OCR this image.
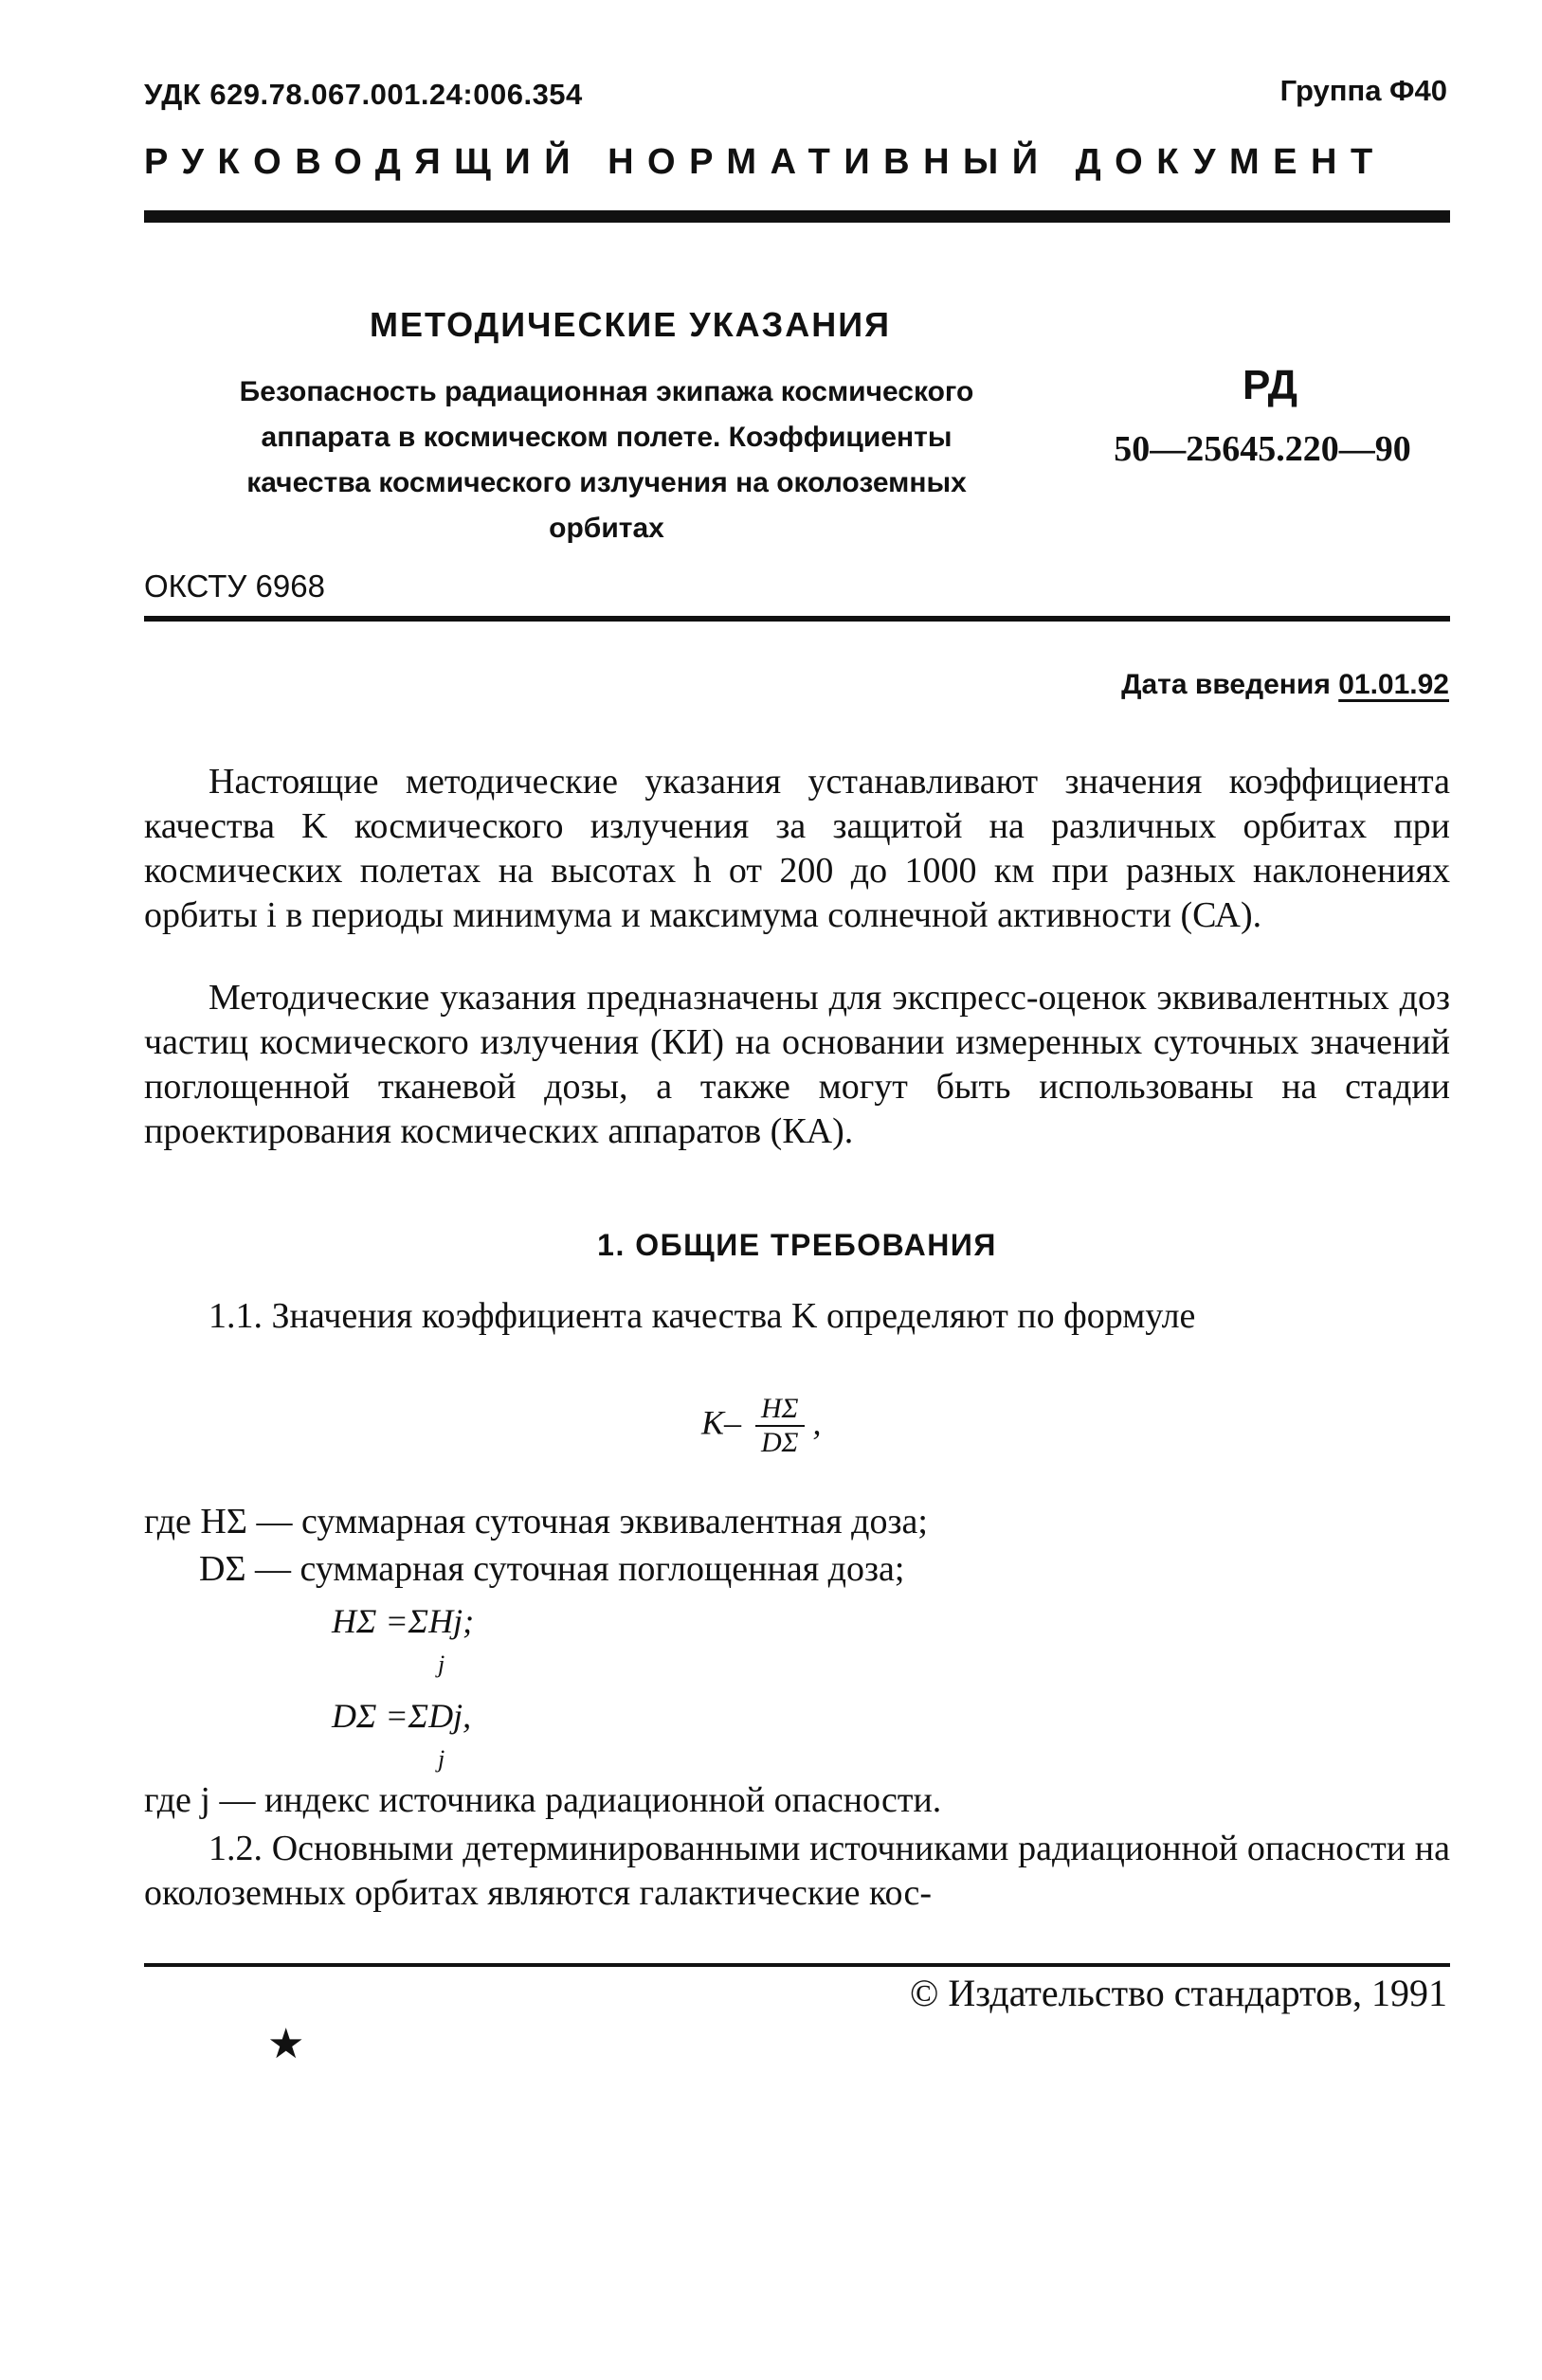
УДК 629.78.067.001.24:006.354	Группа Ф40
РУКОВОДЯЩИЙ НОРМАТИВНЫЙ ДОКУМЕНТ
МЕТОДИЧЕСКИЕ УКАЗАНИЯ
Безопасность радиационная экипажа космического
аппарата в космическом полете. Коэффициенты
качества космического излучения на околоземных
орбитах
РД
50—25645.220—90
ОКСТУ 6968
Дата введения 01.01.92
Настоящие методические указания устанавливают значения коэффициента качества K космического излучения за защитой на различных орбитах при космических полетах на высотах h от 200 до 1000 км при разных наклонениях орбиты i в периоды минимума и максимума солнечной активности (СА).
Методические указания предназначены для экспресс-оценок эквивалентных доз частиц космического излучения (КИ) на основании измеренных суточных значений поглощенной тканевой дозы, а также могут быть использованы на стадии проектирования космических аппаратов (КА).
1. ОБЩИЕ ТРЕБОВАНИЯ
1.1. Значения коэффициента качества K определяют по формуле
$K- \frac{H\Sigma}{D\Sigma}$ ,
где HΣ — суммарная суточная эквивалентная доза;
DΣ — суммарная суточная поглощенная доза;
HΣ =ΣHj;
j
DΣ =ΣDj,
j
где j — индекс источника радиационной опасности.
1.2. Основными детерминированными источниками радиационной опасности на околоземных орбитах являются галактические кос-
© Издательство стандартов, 1991
★
